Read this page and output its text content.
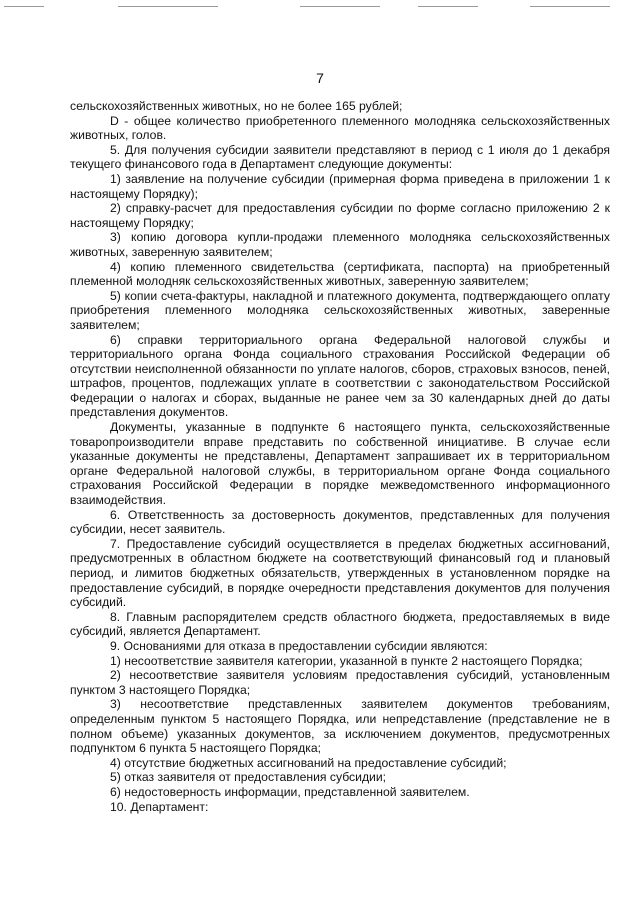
7

сельскохозяйственных животных, но не более 165 рублей;

D - общее количество приобретенного племенного молодняка сельскохозяйственных животных, голов.

5. Для получения субсидии заявители представляют в период с 1 июля до 1 декабря текущего финансового года в Департамент следующие документы:

1) заявление на получение субсидии (примерная форма приведена в приложении 1 к настоящему Порядку);

2) справку-расчет для предоставления субсидии по форме согласно приложению 2 к настоящему Порядку;

3) копию договора купли-продажи племенного молодняка сельскохозяйственных животных, заверенную заявителем;

4) копию племенного свидетельства (сертификата, паспорта) на приобретенный племенной молодняк сельскохозяйственных животных, заверенную заявителем;

5) копии счета-фактуры, накладной и платежного документа, подтверждающего оплату приобретения племенного молодняка сельскохозяйственных животных, заверенные заявителем;

6) справки территориального органа Федеральной налоговой службы и территориального органа Фонда социального страхования Российской Федерации об отсутствии неисполненной обязанности по уплате налогов, сборов, страховых взносов, пеней, штрафов, процентов, подлежащих уплате в соответствии с законодательством Российской Федерации о налогах и сборах, выданные не ранее чем за 30 календарных дней до даты представления документов.

Документы, указанные в подпункте 6 настоящего пункта, сельскохозяйственные товаропроизводители вправе представить по собственной инициативе. В случае если указанные документы не представлены, Департамент запрашивает их в территориальном органе Федеральной налоговой службы, в территориальном органе Фонда социального страхования Российской Федерации в порядке межведомственного информационного взаимодействия.

6. Ответственность за достоверность документов, представленных для получения субсидии, несет заявитель.

7. Предоставление субсидий осуществляется в пределах бюджетных ассигнований, предусмотренных в областном бюджете на соответствующий финансовый год и плановый период, и лимитов бюджетных обязательств, утвержденных в установленном порядке на предоставление субсидий, в порядке очередности представления документов для получения субсидий.

8. Главным распорядителем средств областного бюджета, предоставляемых в виде субсидий, является Департамент.

9. Основаниями для отказа в предоставлении субсидии являются:

1) несоответствие заявителя категории, указанной в пункте 2 настоящего Порядка;

2) несоответствие заявителя условиям предоставления субсидий, установленным пунктом 3 настоящего Порядка;

3) несоответствие представленных заявителем документов требованиям, определенным пунктом 5 настоящего Порядка, или непредставление (представление не в полном объеме) указанных документов, за исключением документов, предусмотренных подпунктом 6 пункта 5 настоящего Порядка;

4) отсутствие бюджетных ассигнований на предоставление субсидий;

5) отказ заявителя от предоставления субсидии;

6) недостоверность информации, представленной заявителем.

10. Департамент:
